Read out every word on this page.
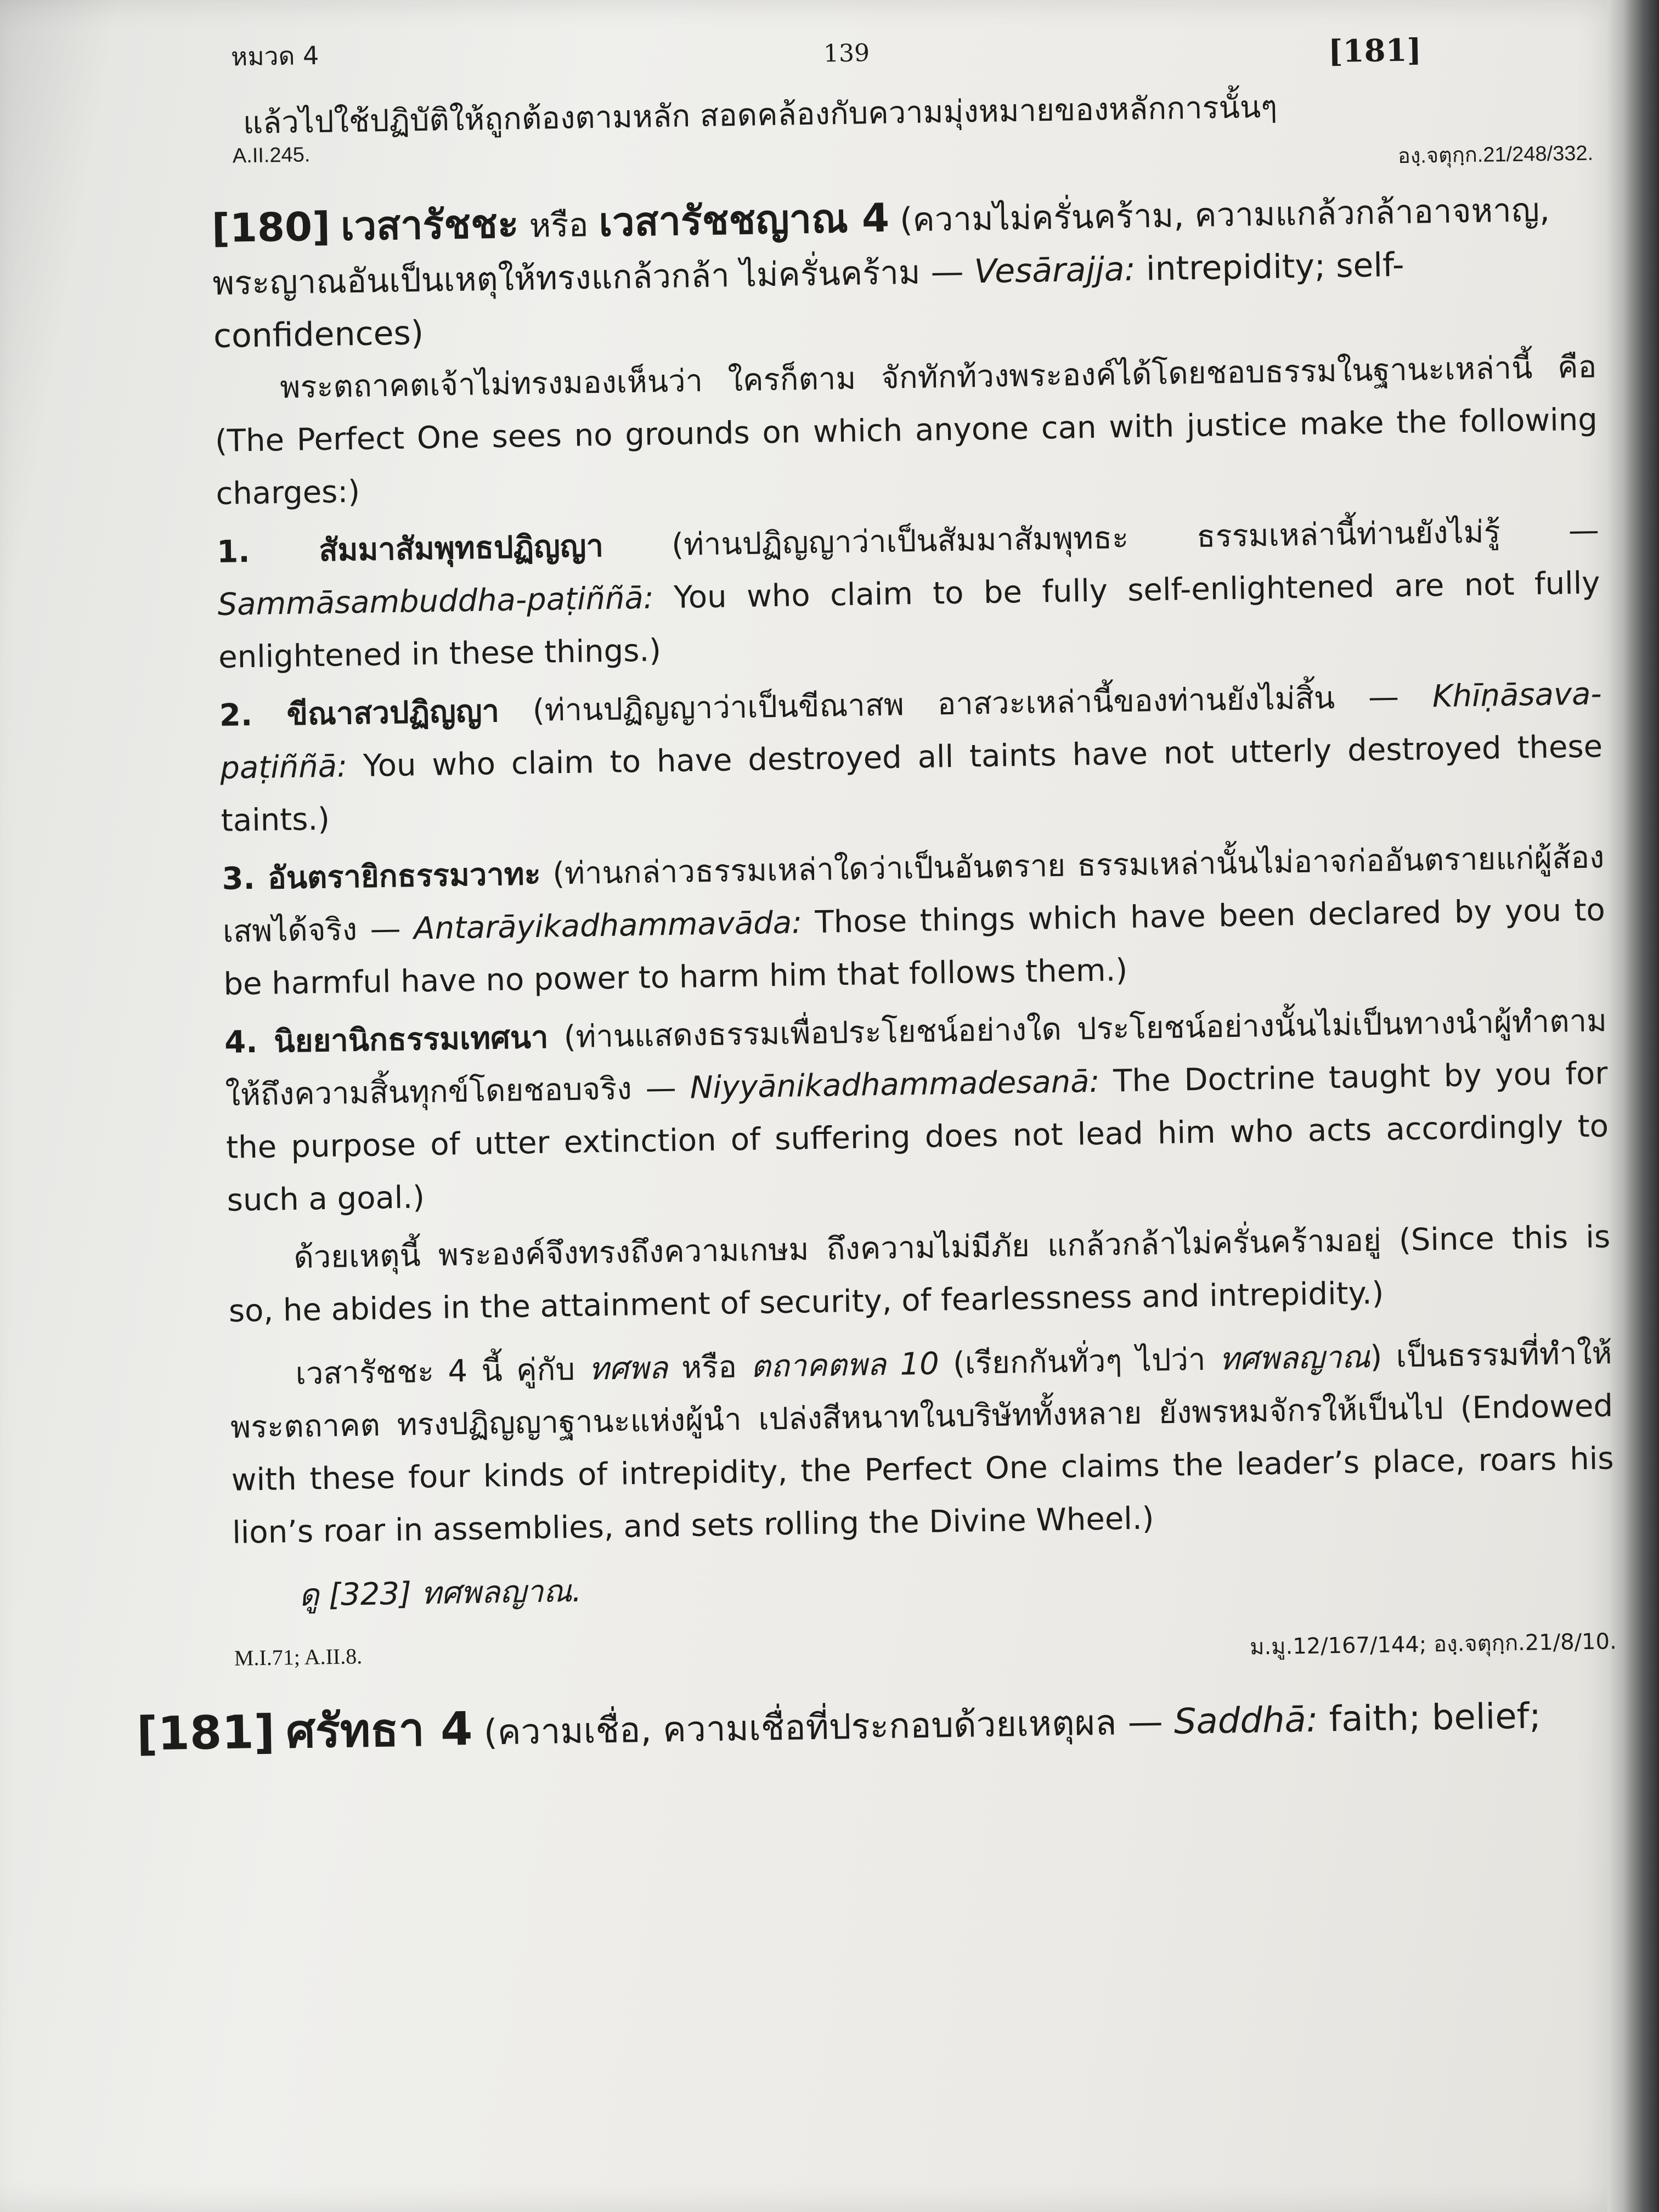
หมวด 4	139	[181]

แล้วไปใช้ปฏิบัติให้ถูกต้องตามหลัก สอดคล้องกับความมุ่งหมายของหลักการนั้นๆ

A.II.245.	องฺ.จตุกฺก.21/248/332.

[180] เวสารัชชะ หรือ เวสารัชชญาณ 4 (ความไม่ครั่นคร้าม, ความแกล้วกล้าอาจหาญ, พระญาณอันเป็นเหตุให้ทรงแกล้วกล้า ไม่ครั่นคร้าม — Vesārajja: intrepidity; self-confidences)

พระตถาคตเจ้าไม่ทรงมองเห็นว่า ใครก็ตาม จักทักท้วงพระองค์ได้โดยชอบธรรมในฐานะเหล่านี้ คือ (The Perfect One sees no grounds on which anyone can with justice make the following charges:)

1. สัมมาสัมพุทธปฏิญญา (ท่านปฏิญญาว่าเป็นสัมมาสัมพุทธะ ธรรมเหล่านี้ท่านยังไม่รู้ — Sammāsambuddha-paṭiññā: You who claim to be fully self-enlightened are not fully enlightened in these things.)

2. ขีณาสวปฏิญญา (ท่านปฏิญญาว่าเป็นขีณาสพ อาสวะเหล่านี้ของท่านยังไม่สิ้น — Khīṇāsava-paṭiññā: You who claim to have destroyed all taints have not utterly destroyed these taints.)

3. อันตรายิกธรรมวาทะ (ท่านกล่าวธรรมเหล่าใดว่าเป็นอันตราย ธรรมเหล่านั้นไม่อาจก่ออันตรายแก่ผู้ส้องเสพได้จริง — Antarāyikadhammavāda: Those things which have been declared by you to be harmful have no power to harm him that follows them.)

4. นิยยานิกธรรมเทศนา (ท่านแสดงธรรมเพื่อประโยชน์อย่างใด ประโยชน์อย่างนั้นไม่เป็นทางนำผู้ทำตามให้ถึงความสิ้นทุกข์โดยชอบจริง — Niyyānikadhammadesanā: The Doctrine taught by you for the purpose of utter extinction of suffering does not lead him who acts accordingly to such a goal.)

ด้วยเหตุนี้ พระองค์จึงทรงถึงความเกษม ถึงความไม่มีภัย แกล้วกล้าไม่ครั่นคร้ามอยู่ (Since this is so, he abides in the attainment of security, of fearlessness and intrepidity.)

เวสารัชชะ 4 นี้ คู่กับ ทศพล หรือ ตถาคตพล 10 (เรียกกันทั่วๆ ไปว่า ทศพลญาณ) เป็นธรรมที่ทำให้พระตถาคต ทรงปฏิญญาฐานะแห่งผู้นำ เปล่งสีหนาทในบริษัททั้งหลาย ยังพรหมจักรให้เป็นไป (Endowed with these four kinds of intrepidity, the Perfect One claims the leader’s place, roars his lion’s roar in assemblies, and sets rolling the Divine Wheel.)

ดู [323] ทศพลญาณ.

M.I.71; A.II.8.	ม.มู.12/167/144; องฺ.จตุกฺก.21/8/10.

[181] ศรัทธา 4 (ความเชื่อ, ความเชื่อที่ประกอบด้วยเหตุผล — Saddhā: faith; belief;
